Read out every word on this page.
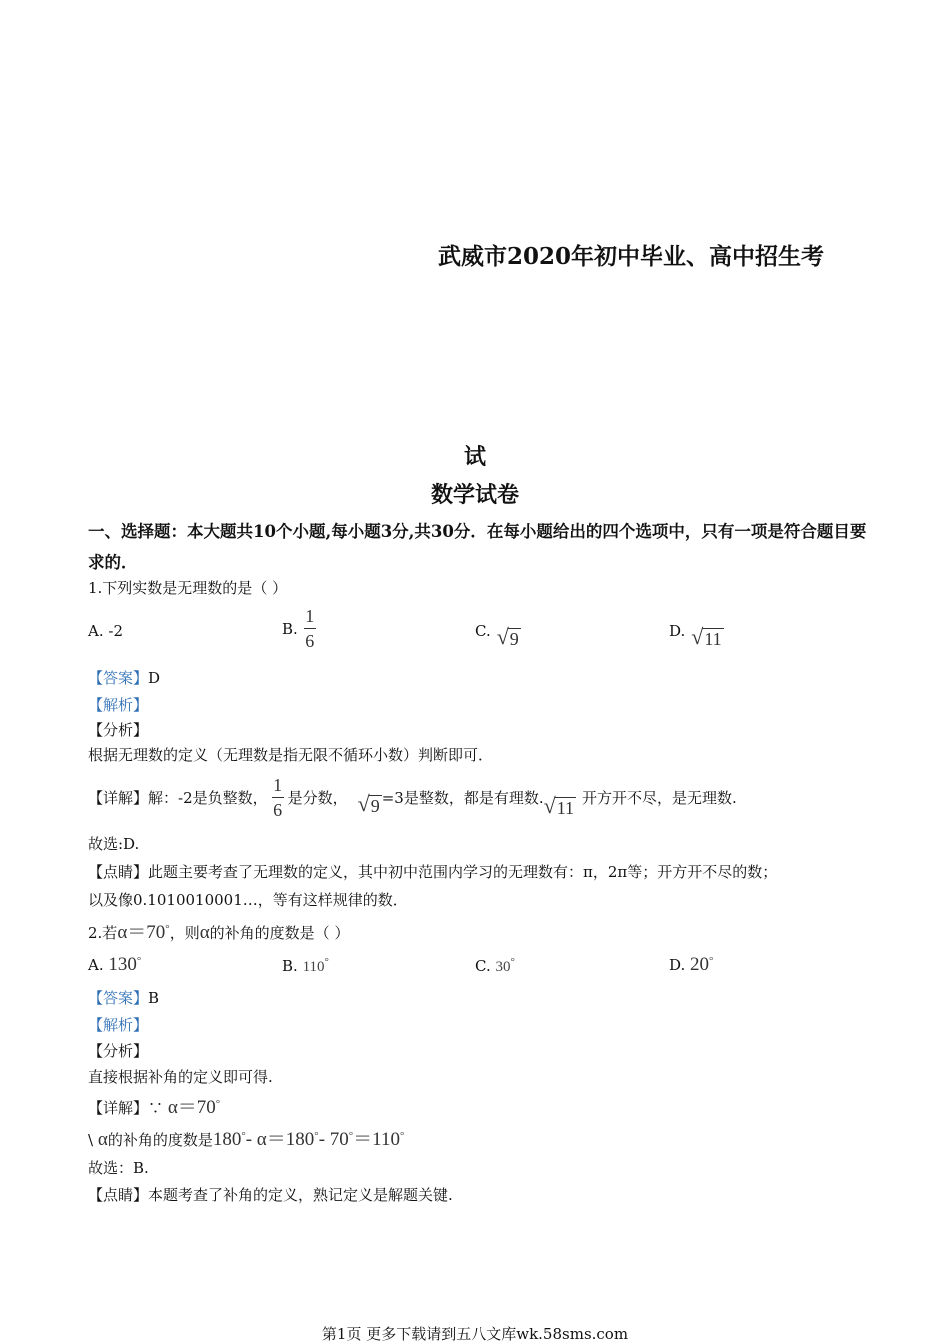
武威市2020年初中毕业、高中招生考
试
数学试卷
一、选择题：本大题共10个小题,每小题3分,共30分．在每小题给出的四个选项中，只有一项是符合题目要求的．
1.下列实数是无理数的是（ ）
A. -2	B. $\frac{1}{6}$	C. √ 9	D. √ 11
【答案】D
【解析】
【分析】
根据无理数的定义（无理数是指无限不循环小数）判断即可．
【详解】 解：-2是负整数， $\frac{1}{6}$ 是分数， √ 9 =3是整数，都是有理数. √ 11
开方开不尽，是无理数.
故选:D.
【点睛】此题主要考查了无理数的定义，其中初中范围内学习的无理数有：π，2π等；开方开不尽的数；
以及像0.1010010001…，等有这样规律的数．
2.若α＝70°，则α的补角的度数是（ ）
A. 130°	B. 110°	C. 30°	D. 20°
【答案】B
【解析】
【分析】
直接根据补角的定义即可得.
【详解】∵ α＝70°
\ α的补角的度数是180°- α＝180°- 70°＝110°
故选：B.
【点睛】本题考查了补角的定义，熟记定义是解题关键.
第1页 更多下载请到五八文库wk.58sms.com
